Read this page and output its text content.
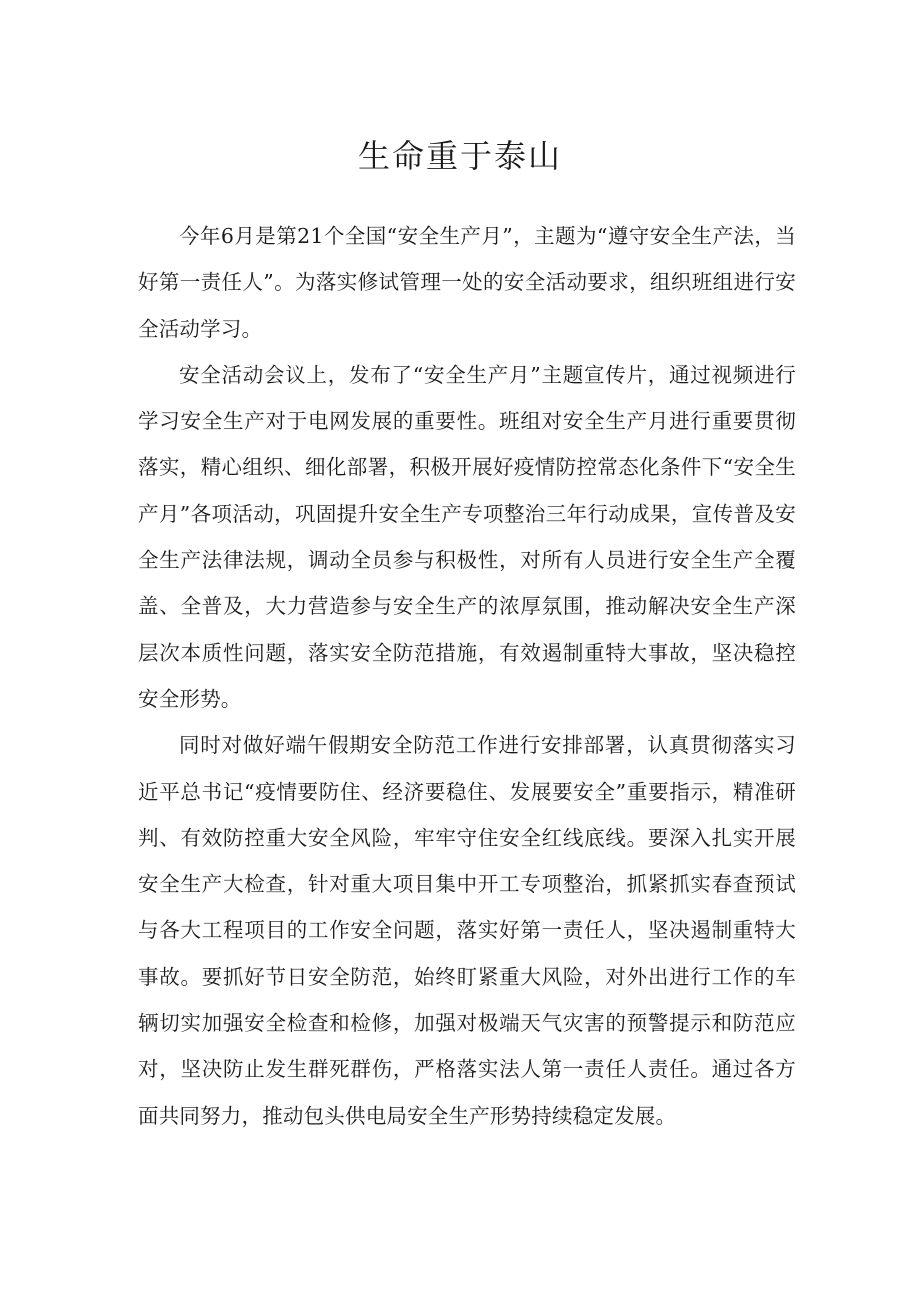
生命重于泰山

今年6月是第21个全国“安全生产月”，主题为“遵守安全生产法，当好第一责任人”。为落实修试管理一处的安全活动要求，组织班组进行安全活动学习。

安全活动会议上，发布了“安全生产月”主题宣传片，通过视频进行学习安全生产对于电网发展的重要性。班组对安全生产月进行重要贯彻落实，精心组织、细化部署，积极开展好疫情防控常态化条件下“安全生产月”各项活动，巩固提升安全生产专项整治三年行动成果，宣传普及安全生产法律法规，调动全员参与积极性，对所有人员进行安全生产全覆盖、全普及，大力营造参与安全生产的浓厚氛围，推动解决安全生产深层次本质性问题，落实安全防范措施，有效遏制重特大事故，坚决稳控安全形势。

同时对做好端午假期安全防范工作进行安排部署，认真贯彻落实习近平总书记“疫情要防住、经济要稳住、发展要安全”重要指示，精准研判、有效防控重大安全风险，牢牢守住安全红线底线。要深入扎实开展安全生产大检查，针对重大项目集中开工专项整治，抓紧抓实春查预试与各大工程项目的工作安全问题，落实好第一责任人，坚决遏制重特大事故。要抓好节日安全防范，始终盯紧重大风险，对外出进行工作的车辆切实加强安全检查和检修，加强对极端天气灾害的预警提示和防范应对，坚决防止发生群死群伤，严格落实法人第一责任人责任。通过各方面共同努力，推动包头供电局安全生产形势持续稳定发展。
